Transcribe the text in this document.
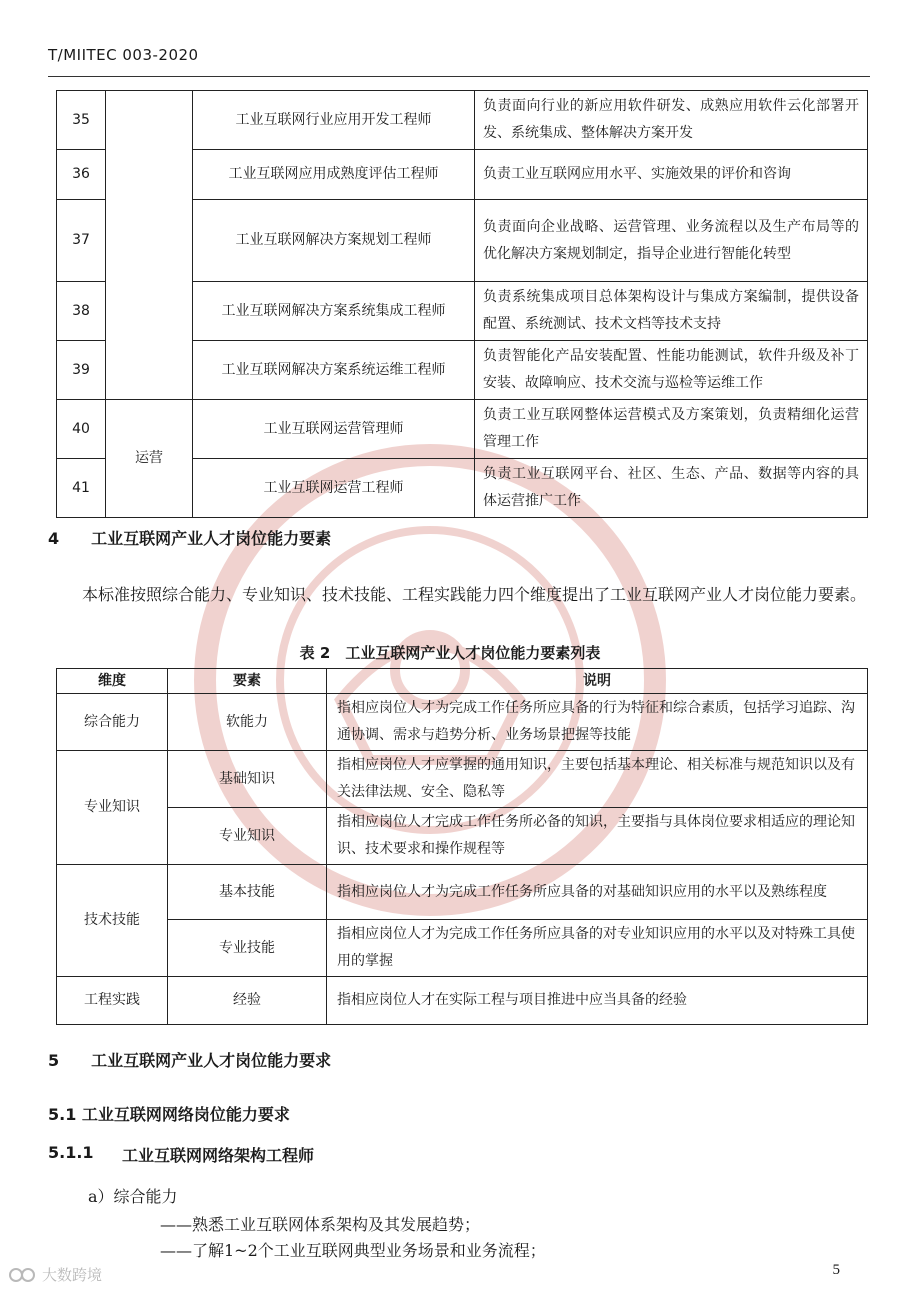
T/MIITEC 003-2020
35		工业互联网行业应用开发工程师	负责面向行业的新应用软件研发、成熟应用软件云化部署开发、系统集成、整体解决方案开发
36		工业互联网应用成熟度评估工程师	负责工业互联网应用水平、实施效果的评价和咨询
37		工业互联网解决方案规划工程师	负责面向企业战略、运营管理、业务流程以及生产布局等的优化解决方案规划制定，指导企业进行智能化转型
38		工业互联网解决方案系统集成工程师	负责系统集成项目总体架构设计与集成方案编制，提供设备配置、系统测试、技术文档等技术支持
39		工业互联网解决方案系统运维工程师	负责智能化产品安装配置、性能功能测试，软件升级及补丁安装、故障响应、技术交流与巡检等运维工作
40	运营	工业互联网运营管理师	负责工业互联网整体运营模式及方案策划，负责精细化运营管理工作
41		工业互联网运营工程师	负责工业互联网平台、社区、生态、产品、数据等内容的具体运营推广工作
4　　工业互联网产业人才岗位能力要素
本标准按照综合能力、专业知识、技术技能、工程实践能力四个维度提出了工业互联网产业人才岗位能力要素。
表 2　工业互联网产业人才岗位能力要素列表
维度	要素	说明
综合能力	软能力	指相应岗位人才为完成工作任务所应具备的行为特征和综合素质，包括学习追踪、沟通协调、需求与趋势分析、业务场景把握等技能
专业知识	基础知识	指相应岗位人才应掌握的通用知识，主要包括基本理论、相关标准与规范知识以及有关法律法规、安全、隐私等
	专业知识	指相应岗位人才完成工作任务所必备的知识，主要指与具体岗位要求相适应的理论知识、技术要求和操作规程等
技术技能	基本技能	指相应岗位人才为完成工作任务所应具备的对基础知识应用的水平以及熟练程度
	专业技能	指相应岗位人才为完成工作任务所应具备的对专业知识应用的水平以及对特殊工具使用的掌握
工程实践	经验	指相应岗位人才在实际工程与项目推进中应当具备的经验
5　　工业互联网产业人才岗位能力要求
5.1 工业互联网网络岗位能力要求
5.1.1 工业互联网网络架构工程师
a）综合能力
——熟悉工业互联网体系架构及其发展趋势；
——了解1~2个工业互联网典型业务场景和业务流程；
大数跨境	5
